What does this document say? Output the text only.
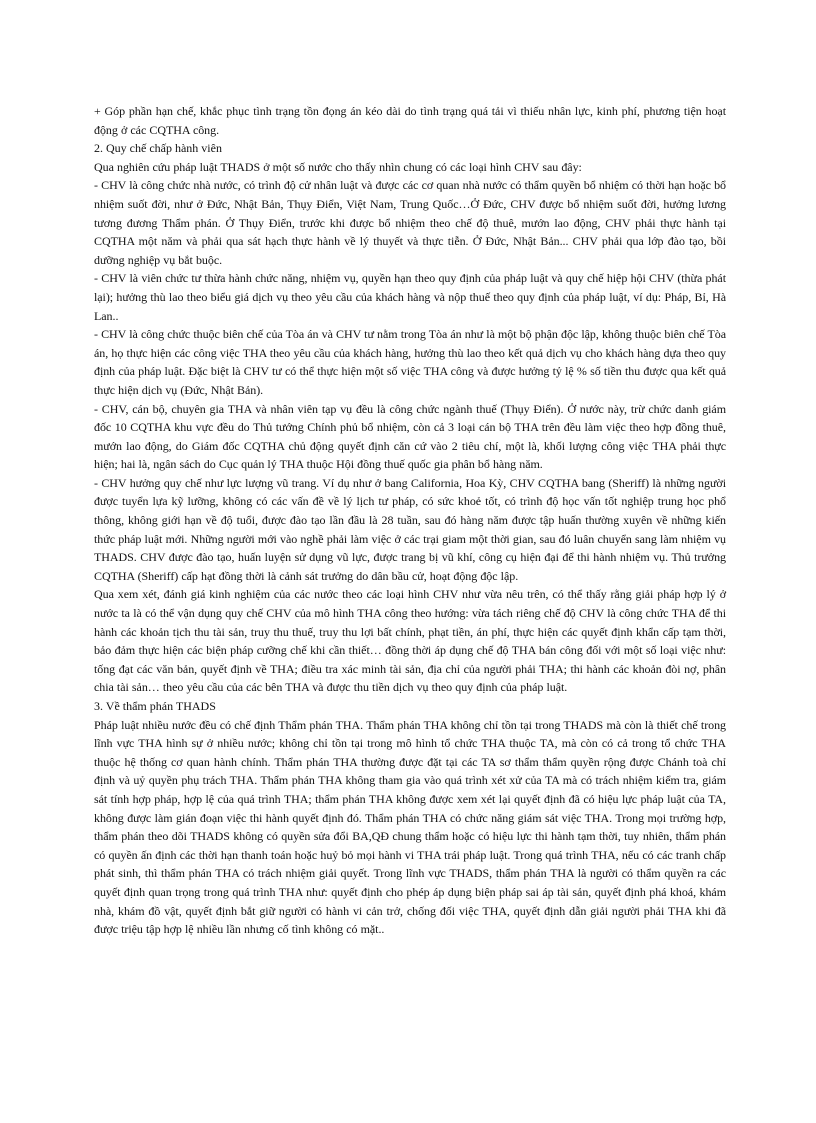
+ Góp phần hạn chế, khắc phục tình trạng tồn đọng án kéo dài do tình trạng quá tải vì thiếu nhân lực, kinh phí, phương tiện hoạt động ở các CQTHA công.

2. Quy chế chấp hành viên

Qua nghiên cứu pháp luật THADS ở một số nước cho thấy nhìn chung có các loại hình CHV sau đây:

- CHV là công chức nhà nước, có trình độ cử nhân luật và được các cơ quan nhà nước có thẩm quyền bổ nhiệm có thời hạn hoặc bổ nhiệm suốt đời, như ở Đức, Nhật Bản, Thụy Điển, Việt Nam, Trung Quốc…Ở Đức, CHV được bổ nhiệm suốt đời, hưởng lương tương đương Thẩm phán. Ở Thụy Điển, trước khi được bổ nhiệm theo chế độ thuê, mướn lao động, CHV phải thực hành tại CQTHA một năm và phải qua sát hạch thực hành về lý thuyết và thực tiễn. Ở Đức, Nhật Bản... CHV phải qua lớp đào tạo, bồi dưỡng nghiệp vụ bắt buộc.

- CHV là viên chức tư thừa hành chức năng, nhiệm vụ, quyền hạn theo quy định của pháp luật và quy chế hiệp hội CHV (thừa phát lại); hưởng thù lao theo biểu giá dịch vụ theo yêu cầu của khách hàng và nộp thuế theo quy định của pháp luật, ví dụ: Pháp, Bỉ, Hà Lan..

- CHV là công chức thuộc biên chế của Tòa án và CHV tư nằm trong Tòa án như là một bộ phận độc lập, không thuộc biên chế Tòa án, họ thực hiện các công việc THA theo yêu cầu của khách hàng, hưởng thù lao theo kết quả dịch vụ cho khách hàng dựa theo quy định của pháp luật. Đặc biệt là CHV tư có thể thực hiện một số việc THA công và được hưởng tỷ lệ % số tiền thu được qua kết quả thực hiện dịch vụ (Đức, Nhật Bản).

- CHV, cán bộ, chuyên gia THA và nhân viên tạp vụ đều là công chức ngành thuế (Thụy Điển). Ở nước này, trừ chức danh giám đốc 10 CQTHA khu vực đều do Thủ tướng Chính phủ bổ nhiệm, còn cả 3 loại cán bộ THA trên đều làm việc theo hợp đồng thuê, mướn lao động, do Giám đốc CQTHA chủ động quyết định căn cứ vào 2 tiêu chí, một là, khối lượng công việc THA phải thực hiện; hai là, ngân sách do Cục quản lý THA thuộc Hội đồng thuế quốc gia phân bổ hàng năm.

- CHV hưởng quy chế như lực lượng vũ trang. Ví dụ như ở bang California, Hoa Kỳ, CHV CQTHA bang (Sheriff) là những người được tuyển lựa kỹ lưỡng, không có các vấn đề về lý lịch tư pháp, có sức khoẻ tốt, có trình độ học vấn tốt nghiệp trung học phổ thông, không giới hạn về độ tuổi, được đào tạo lần đầu là 28 tuần, sau đó hàng năm được tập huấn thường xuyên về những kiến thức pháp luật mới. Những người mới vào nghề phải làm việc ở các trại giam một thời gian, sau đó luân chuyển sang làm nhiệm vụ THADS. CHV được đào tạo, huấn luyện sử dụng vũ lực, được trang bị vũ khí, công cụ hiện đại để thi hành nhiệm vụ. Thủ trưởng CQTHA (Sheriff) cấp hạt đồng thời là cảnh sát trưởng do dân bầu cử, hoạt động độc lập.

Qua xem xét, đánh giá kinh nghiệm của các nước theo các loại hình CHV như vừa nêu trên, có thể thấy rằng giải pháp hợp lý ở nước ta là có thể vận dụng quy chế CHV của mô hình THA công theo hướng: vừa tách riêng chế độ CHV là công chức THA để thi hành các khoản tịch thu tài sản, truy thu thuế, truy thu lợi bất chính, phạt tiền, án phí, thực hiện các quyết định khẩn cấp tạm thời, bảo đảm thực hiện các biện pháp cưỡng chế khi cần thiết… đồng thời áp dụng chế độ THA bán công đối với một số loại việc như: tống đạt các văn bản, quyết định về THA; điều tra xác minh tài sản, địa chỉ của người phải THA; thi hành các khoản đòi nợ, phân chia tài sản… theo yêu cầu của các bên THA và được thu tiền dịch vụ theo quy định của pháp luật.

3. Về thẩm phán THADS

Pháp luật nhiều nước đều có chế định Thẩm phán THA. Thẩm phán THA không chỉ tồn tại trong THADS mà còn là thiết chế trong lĩnh vực THA hình sự ở nhiều nước; không chỉ tồn tại trong mô hình tổ chức THA thuộc TA, mà còn có cả trong tổ chức THA thuộc hệ thống cơ quan hành chính. Thẩm phán THA thường được đặt tại các TA sơ thẩm thẩm quyền rộng được Chánh toà chỉ định và uỷ quyền phụ trách THA. Thẩm phán THA không tham gia vào quá trình xét xử của TA mà có trách nhiệm kiểm tra, giám sát tính hợp pháp, hợp lệ của quá trình THA; thẩm phán THA không được xem xét lại quyết định đã có hiệu lực pháp luật của TA, không được làm gián đoạn việc thi hành quyết định đó. Thẩm phán THA có chức năng giám sát việc THA. Trong mọi trường hợp, thẩm phán theo dõi THADS không có quyền sửa đổi BA,QĐ chung thẩm hoặc có hiệu lực thi hành tạm thời, tuy nhiên, thẩm phán có quyền ấn định các thời hạn thanh toán hoặc huỷ bỏ mọi hành vi THA trái pháp luật. Trong quá trình THA, nếu có các tranh chấp phát sinh, thì thẩm phán THA có trách nhiệm giải quyết. Trong lĩnh vực THADS, thẩm phán THA là người có thẩm quyền ra các quyết định quan trọng trong quá trình THA như: quyết định cho phép áp dụng biện pháp sai áp tài sản, quyết định phá khoá, khám nhà, khám đồ vật, quyết định bắt giữ người có hành vi cản trở, chống đối việc THA, quyết định dẫn giải người phải THA khi đã được triệu tập hợp lệ nhiều lần nhưng cố tình không có mặt..
